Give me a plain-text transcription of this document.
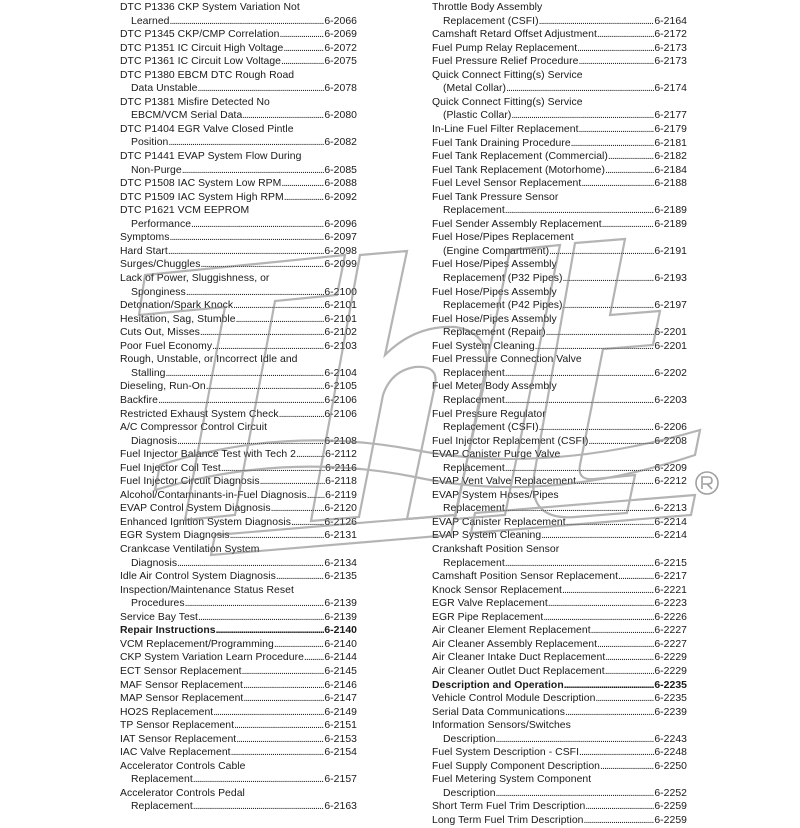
DTC P1336 CKP System Variation Not
Learned . . .	6-2066
DTC P1345 CKP/CMP Correlation . . .	6-2069
DTC P1351 IC Circuit High Voltage . . .	6-2072
DTC P1361 IC Circuit Low Voltage . . .	6-2075
DTC P1380 EBCM DTC Rough Road
Data Unstable . . .	6-2078
DTC P1381 Misfire Detected No
EBCM/VCM Serial Data . . .	6-2080
DTC P1404 EGR Valve Closed Pintle
Position . . .	6-2082
DTC P1441 EVAP System Flow During
Non-Purge . . .	6-2085
DTC P1508 IAC System Low RPM . . .	6-2088
DTC P1509 IAC System High RPM . . .	6-2092
DTC P1621 VCM EEPROM
Performance . . .	6-2096
Symptoms . . .	6-2097
Hard Start . . .	6-2098
Surges/Chuggles . . .	6-2099
Lack of Power, Sluggishness, or
Sponginess . . .	6-2100
Detonation/Spark Knock . . .	6-2101
Hesitation, Sag, Stumble . . .	6-2101
Cuts Out, Misses . . .	6-2102
Poor Fuel Economy . . .	6-2103
Rough, Unstable, or Incorrect Idle and
Stalling . . .	6-2104
Dieseling, Run-On . . .	6-2105
Backfire . . .	6-2106
Restricted Exhaust System Check . . .	6-2106
A/C Compressor Control Circuit
Diagnosis . . .	6-2108
Fuel Injector Balance Test with Tech 2 . . .	6-2112
Fuel Injector Coil Test . . .	6-2116
Fuel Injector Circuit Diagnosis . . .	6-2118
Alcohol/Contaminants-in-Fuel Diagnosis . . . 6-2119
EVAP Control System Diagnosis . . .	6-2120
Enhanced Ignition System Diagnosis . . .	6-2126
EGR System Diagnosis . . .	6-2131
Crankcase Ventilation System
Diagnosis . . .	6-2134
Idle Air Control System Diagnosis . . .	6-2135
Inspection/Maintenance Status Reset
Procedures . . .	6-2139
Service Bay Test . . .	6-2139
Repair Instructions . . .	6-2140
VCM Replacement/Programming . . .	6-2140
CKP System Variation Learn Procedure . . . 6-2144
ECT Sensor Replacement . . .	6-2145
MAF Sensor Replacement . . .	6-2146
MAP Sensor Replacement . . .	6-2147
HO2S Replacement . . .	6-2149
TP Sensor Replacement . . .	6-2151
IAT Sensor Replacement . . .	6-2153
IAC Valve Replacement . . .	6-2154
Accelerator Controls Cable
Replacement . . .	6-2157
Accelerator Controls Pedal
Replacement . . .	6-2163
Throttle Body Assembly
Replacement (CSFI) . . .	6-2164
Camshaft Retard Offset Adjustment . . .	6-2172
Fuel Pump Relay Replacement . . .	6-2173
Fuel Pressure Relief Procedure . . .	6-2173
Quick Connect Fitting(s) Service
(Metal Collar) . . .	6-2174
Quick Connect Fitting(s) Service
(Plastic Collar) . . .	6-2177
In-Line Fuel Filter Replacement . . .	6-2179
Fuel Tank Draining Procedure . . .	6-2181
Fuel Tank Replacement (Commercial) . . .	6-2182
Fuel Tank Replacement (Motorhome) . . .	6-2184
Fuel Level Sensor Replacement . . .	6-2188
Fuel Tank Pressure Sensor
Replacement . . .	6-2189
Fuel Sender Assembly Replacement . . .	6-2189
Fuel Hose/Pipes Replacement
(Engine Compartment) . . .	6-2191
Fuel Hose/Pipes Assembly
Replacement (P32 Pipes) . . .	6-2193
Fuel Hose/Pipes Assembly
Replacement (P42 Pipes) . . .	6-2197
Fuel Hose/Pipes Assembly
Replacement (Repair) . . .	6-2201
Fuel System Cleaning . . .	6-2201
Fuel Pressure Connection Valve
Replacement . . .	6-2202
Fuel Meter Body Assembly
Replacement . . .	6-2203
Fuel Pressure Regulator
Replacement (CSFI) . . .	6-2206
Fuel Injector Replacement (CSFI) . . .	6-2208
EVAP Canister Purge Valve
Replacement . . .	6-2209
EVAP Vent Valve Replacement . . .	6-2212
EVAP System Hoses/Pipes
Replacement . . .	6-2213
EVAP Canister Replacement . . .	6-2214
EVAP System Cleaning . . .	6-2214
Crankshaft Position Sensor
Replacement . . .	6-2215
Camshaft Position Sensor Replacement . . .	6-2217
Knock Sensor Replacement . . .	6-2221
EGR Valve Replacement . . .	6-2223
EGR Pipe Replacement . . .	6-2226
Air Cleaner Element Replacement . . .	6-2227
Air Cleaner Assembly Replacement . . .	6-2227
Air Cleaner Intake Duct Replacement . . .	6-2229
Air Cleaner Outlet Duct Replacement . . .	6-2229
Description and Operation . . .	6-2235
Vehicle Control Module Description . . .	6-2235
Serial Data Communications . . .	6-2239
Information Sensors/Switches
Description . . .	6-2243
Fuel System Description - CSFI . . .	6-2248
Fuel Supply Component Description . . .	6-2250
Fuel Metering System Component
Description . . .	6-2252
Short Term Fuel Trim Description . . .	6-2259
Long Term Fuel Trim Description . . .	6-2259
